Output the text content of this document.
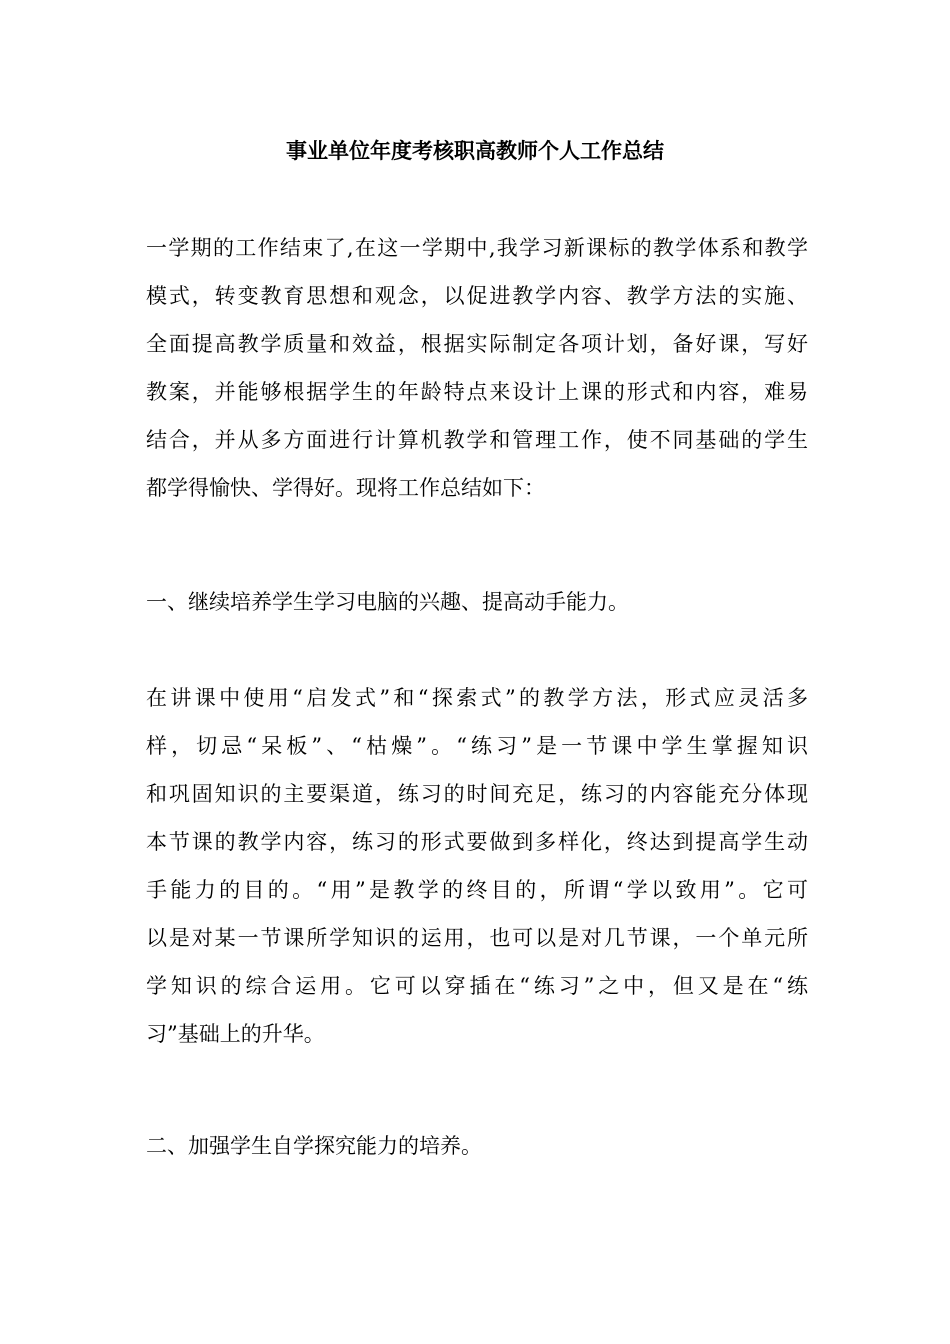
事业单位年度考核职高教师个人工作总结
一学期的工作结束了,在这一学期中,我学习新课标的教学体系和教学
模式，转变教育思想和观念，以促进教学内容、教学方法的实施、
全面提高教学质量和效益，根据实际制定各项计划，备好课，写好
教案，并能够根据学生的年龄特点来设计上课的形式和内容，难易
结合，并从多方面进行计算机教学和管理工作，使不同基础的学生
都学得愉快、学得好。现将工作总结如下：
一、继续培养学生学习电脑的兴趣、提高动手能力。
在讲课中使用“启发式”和“探索式”的教学方法，形式应灵活多
样，切忌“呆板”、“枯燥”。“练习”是一节课中学生掌握知识
和巩固知识的主要渠道，练习的时间充足，练习的内容能充分体现
本节课的教学内容，练习的形式要做到多样化，终达到提高学生动
手能力的目的。“用”是教学的终目的，所谓“学以致用”。它可
以是对某一节课所学知识的运用，也可以是对几节课，一个单元所
学知识的综合运用。它可以穿插在“练习”之中，但又是在“练
习”基础上的升华。
二、加强学生自学探究能力的培养。
